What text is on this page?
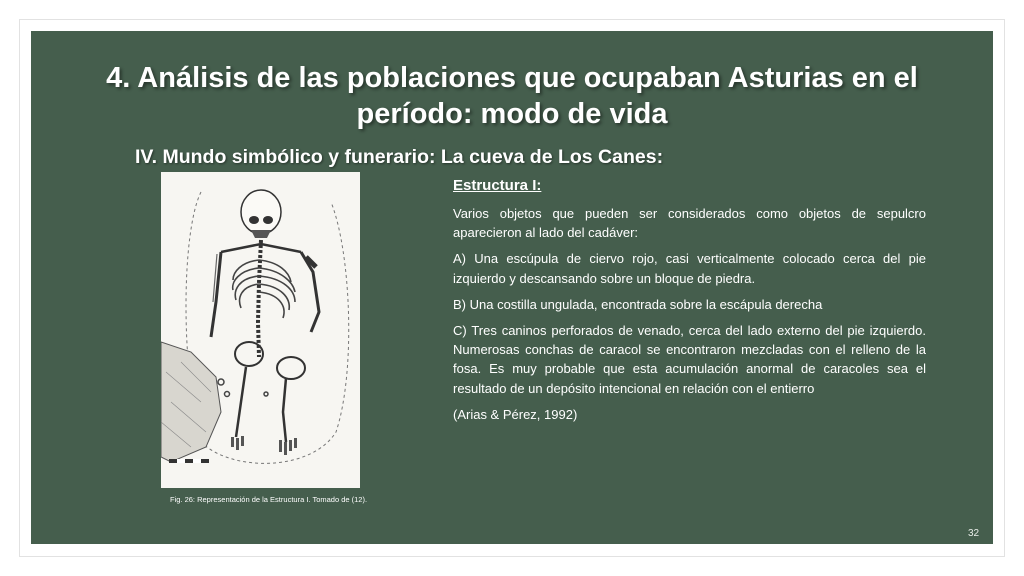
4. Análisis de las poblaciones que ocupaban Asturias en el
período: modo de vida
IV. Mundo simbólico y funerario: La cueva de Los Canes:
Fig. 26: Representación de la Estructura I. Tomado de (12).
Estructura I:

Varios objetos que pueden ser considerados como objetos de sepulcro aparecieron al lado del cadáver:

A) Una escúpula de ciervo rojo, casi verticalmente colocado cerca del pie izquierdo y descansando sobre un bloque de piedra.

B) Una costilla ungulada, encontrada sobre la escápula derecha

C) Tres caninos perforados de venado, cerca del lado externo del pie izquierdo. Numerosas conchas de caracol se encontraron mezcladas con el relleno de la fosa. Es muy probable que esta acumulación anormal de caracoles sea el resultado de un depósito intencional en relación con el entierro

(Arias & Pérez, 1992)

32
